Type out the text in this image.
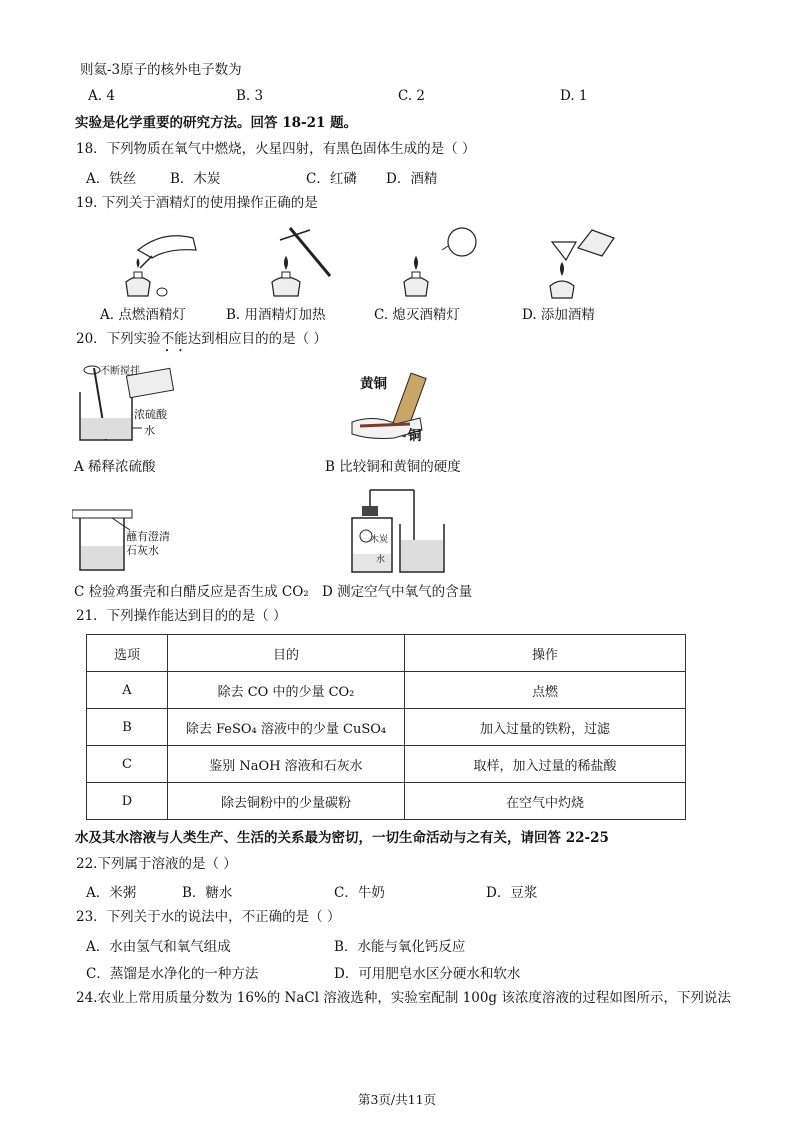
则氦-3原子的核外电子数为
A. 4	B. 3	C. 2	D. 1
实验是化学重要的研究方法。回答 18-21 题。
18．下列物质在氧气中燃烧，火星四射，有黑色固体生成的是（ ）
A．铁丝	B．木炭	C．红磷 D．酒精
19. 下列关于酒精灯的使用操作正确的是
A. 点燃酒精灯	B. 用酒精灯加热	C. 熄灭酒精灯	D. 添加酒精
20．下列实验不能达到相应目的的是（ ）
不断搅拌
浓硫酸
水
黄铜
铜
A 稀释浓硫酸	B 比较铜和黄铜的硬度
蘸有澄清
石灰水
木炭
水
C 检验鸡蛋壳和白醋反应是否生成 CO₂ D 测定空气中氧气的含量
21．下列操作能达到目的的是（ ）
选项	目的	操作
A	除去 CO 中的少量 CO₂	点燃
B	除去 FeSO₄ 溶液中的少量 CuSO₄	加入过量的铁粉，过滤
C	鉴别 NaOH 溶液和石灰水	取样，加入过量的稀盐酸
D	除去铜粉中的少量碳粉	在空气中灼烧
水及其水溶液与人类生产、生活的关系最为密切，一切生命活动与之有关，请回答 22-25
22.下列属于溶液的是（ ）
A．米粥	B．糖水	C．牛奶	D．豆浆
23．下列关于水的说法中，不正确的是（ ）
A．水由氢气和氧气组成	B．水能与氧化钙反应
C．蒸馏是水净化的一种方法	D．可用肥皂水区分硬水和软水
24.农业上常用质量分数为 16%的 NaCl 溶液选种，实验室配制 100g 该浓度溶液的过程如图所示，下列说法
第3页/共11页
